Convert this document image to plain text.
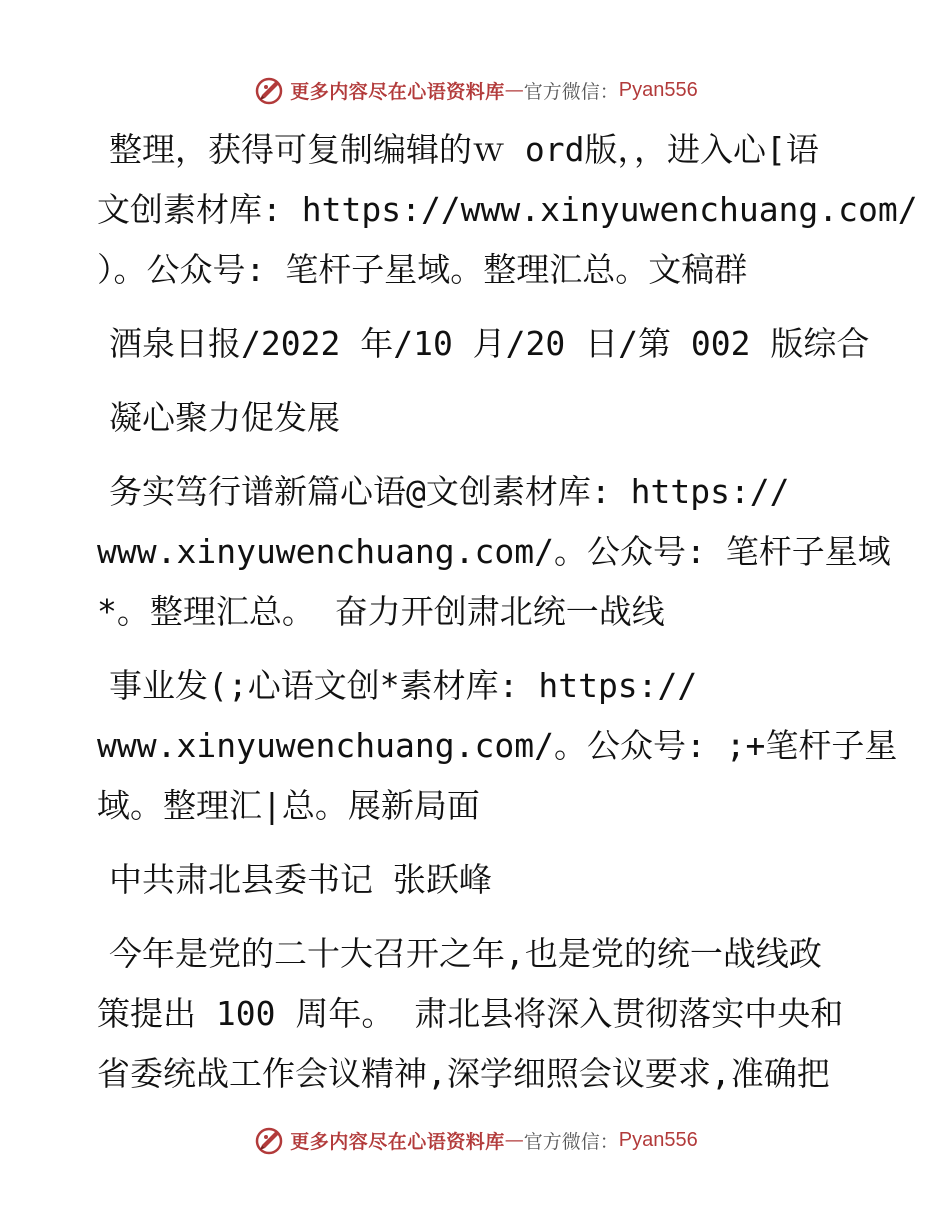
更多内容尽在心语资料库 — 官方微信： Pyan556
整理，获得可复制编辑的ｗ ord版，，进入心[语
文创素材库: https://www.xinyuwenchuang.com/
）。公众号: 笔杆子星域。整理汇总。文稿群
酒泉日报/2022 年/10 月/20 日/第 002 版综合
凝心聚力促发展
务实笃行谱新篇心语@文创素材库: https://
www.xinyuwenchuang.com/。公众号: 笔杆子星域
*。整理汇总。 奋力开创肃北统一战线
事业发(;心语文创*素材库: https://
www.xinyuwenchuang.com/。公众号: ;+笔杆子星
域。整理汇|总。展新局面
中共肃北县委书记 张跃峰
今年是党的二十大召开之年,也是党的统一战线政
策提出 100 周年。 肃北县将深入贯彻落实中央和
省委统战工作会议精神,深学细照会议要求,准确把
更多内容尽在心语资料库 — 官方微信： Pyan556
